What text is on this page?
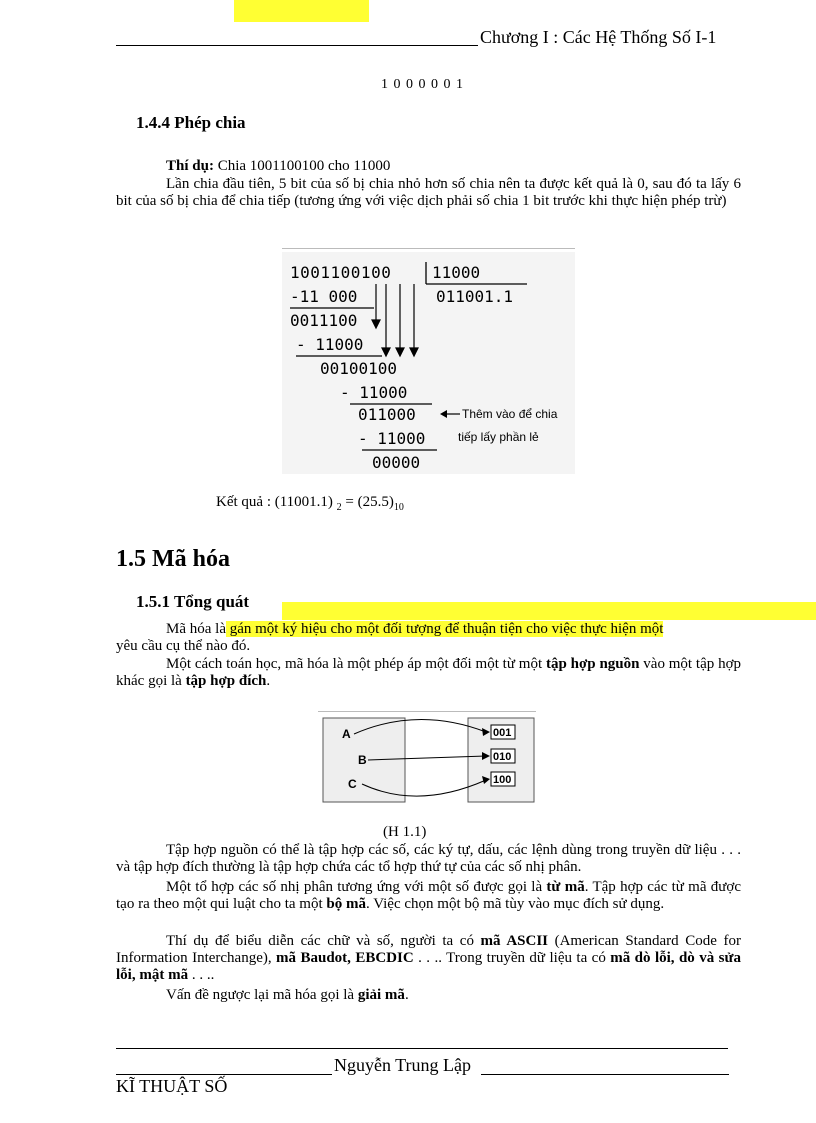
Chương I : Các Hệ Thống Số I-1
1 0 0 0 0 0 1
1.4.4 Phép chia
Thí dụ: Chia 1001100100 cho 11000
Lần chia đầu tiên, 5 bit của số bị chia nhỏ hơn số chia nên ta được kết quả là 0, sau đó ta lấy 6 bit của số bị chia để chia tiếp (tương ứng với việc dịch phải số chia 1 bit trước khi thực hiện phép trừ)
1001100100	11000
011001.1
-11 000
0011100
- 11000
00100100
- 11000
011000
- 11000
00000
Thêm vào để chia
tiếp lấy phần lẻ
Kết quả : (11001.1) $_2 = (25.5)_{10}$
1.5 Mã hóa
1.5.1 Tổng quát
Mã hóa là gán một ký hiệu cho một đối tượng để thuận tiện cho việc thực hiện một
yêu cầu cụ thể nào đó.
Một cách toán học, mã hóa là một phép áp một đối một từ một tập hợp nguồn vào một tập hợp khác gọi là tập hợp đích.
A
B
C
001
010
100
(H 1.1)
Tập hợp nguồn có thể là tập hợp các số, các ký tự, dấu, các lệnh dùng trong truyền dữ liệu . . . và tập hợp đích thường là tập hợp chứa các tổ hợp thứ tự của các số nhị phân.
Một tổ hợp các số nhị phân tương ứng với một số được gọi là từ mã. Tập hợp các từ mã được tạo ra theo một qui luật cho ta một bộ mã. Việc chọn một bộ mã tùy vào mục đích sử dụng.
Thí dụ để biểu diễn các chữ và số, người ta có mã ASCII (American Standard Code for Information Interchange), mã Baudot, EBCDIC . . .. Trong truyền dữ liệu ta có mã dò lỗi, dò và sửa lỗi, mật mã . . ..
Vấn đề ngược lại mã hóa gọi là giải mã.
Nguyễn Trung Lập
KĨ THUẬT SỐ
